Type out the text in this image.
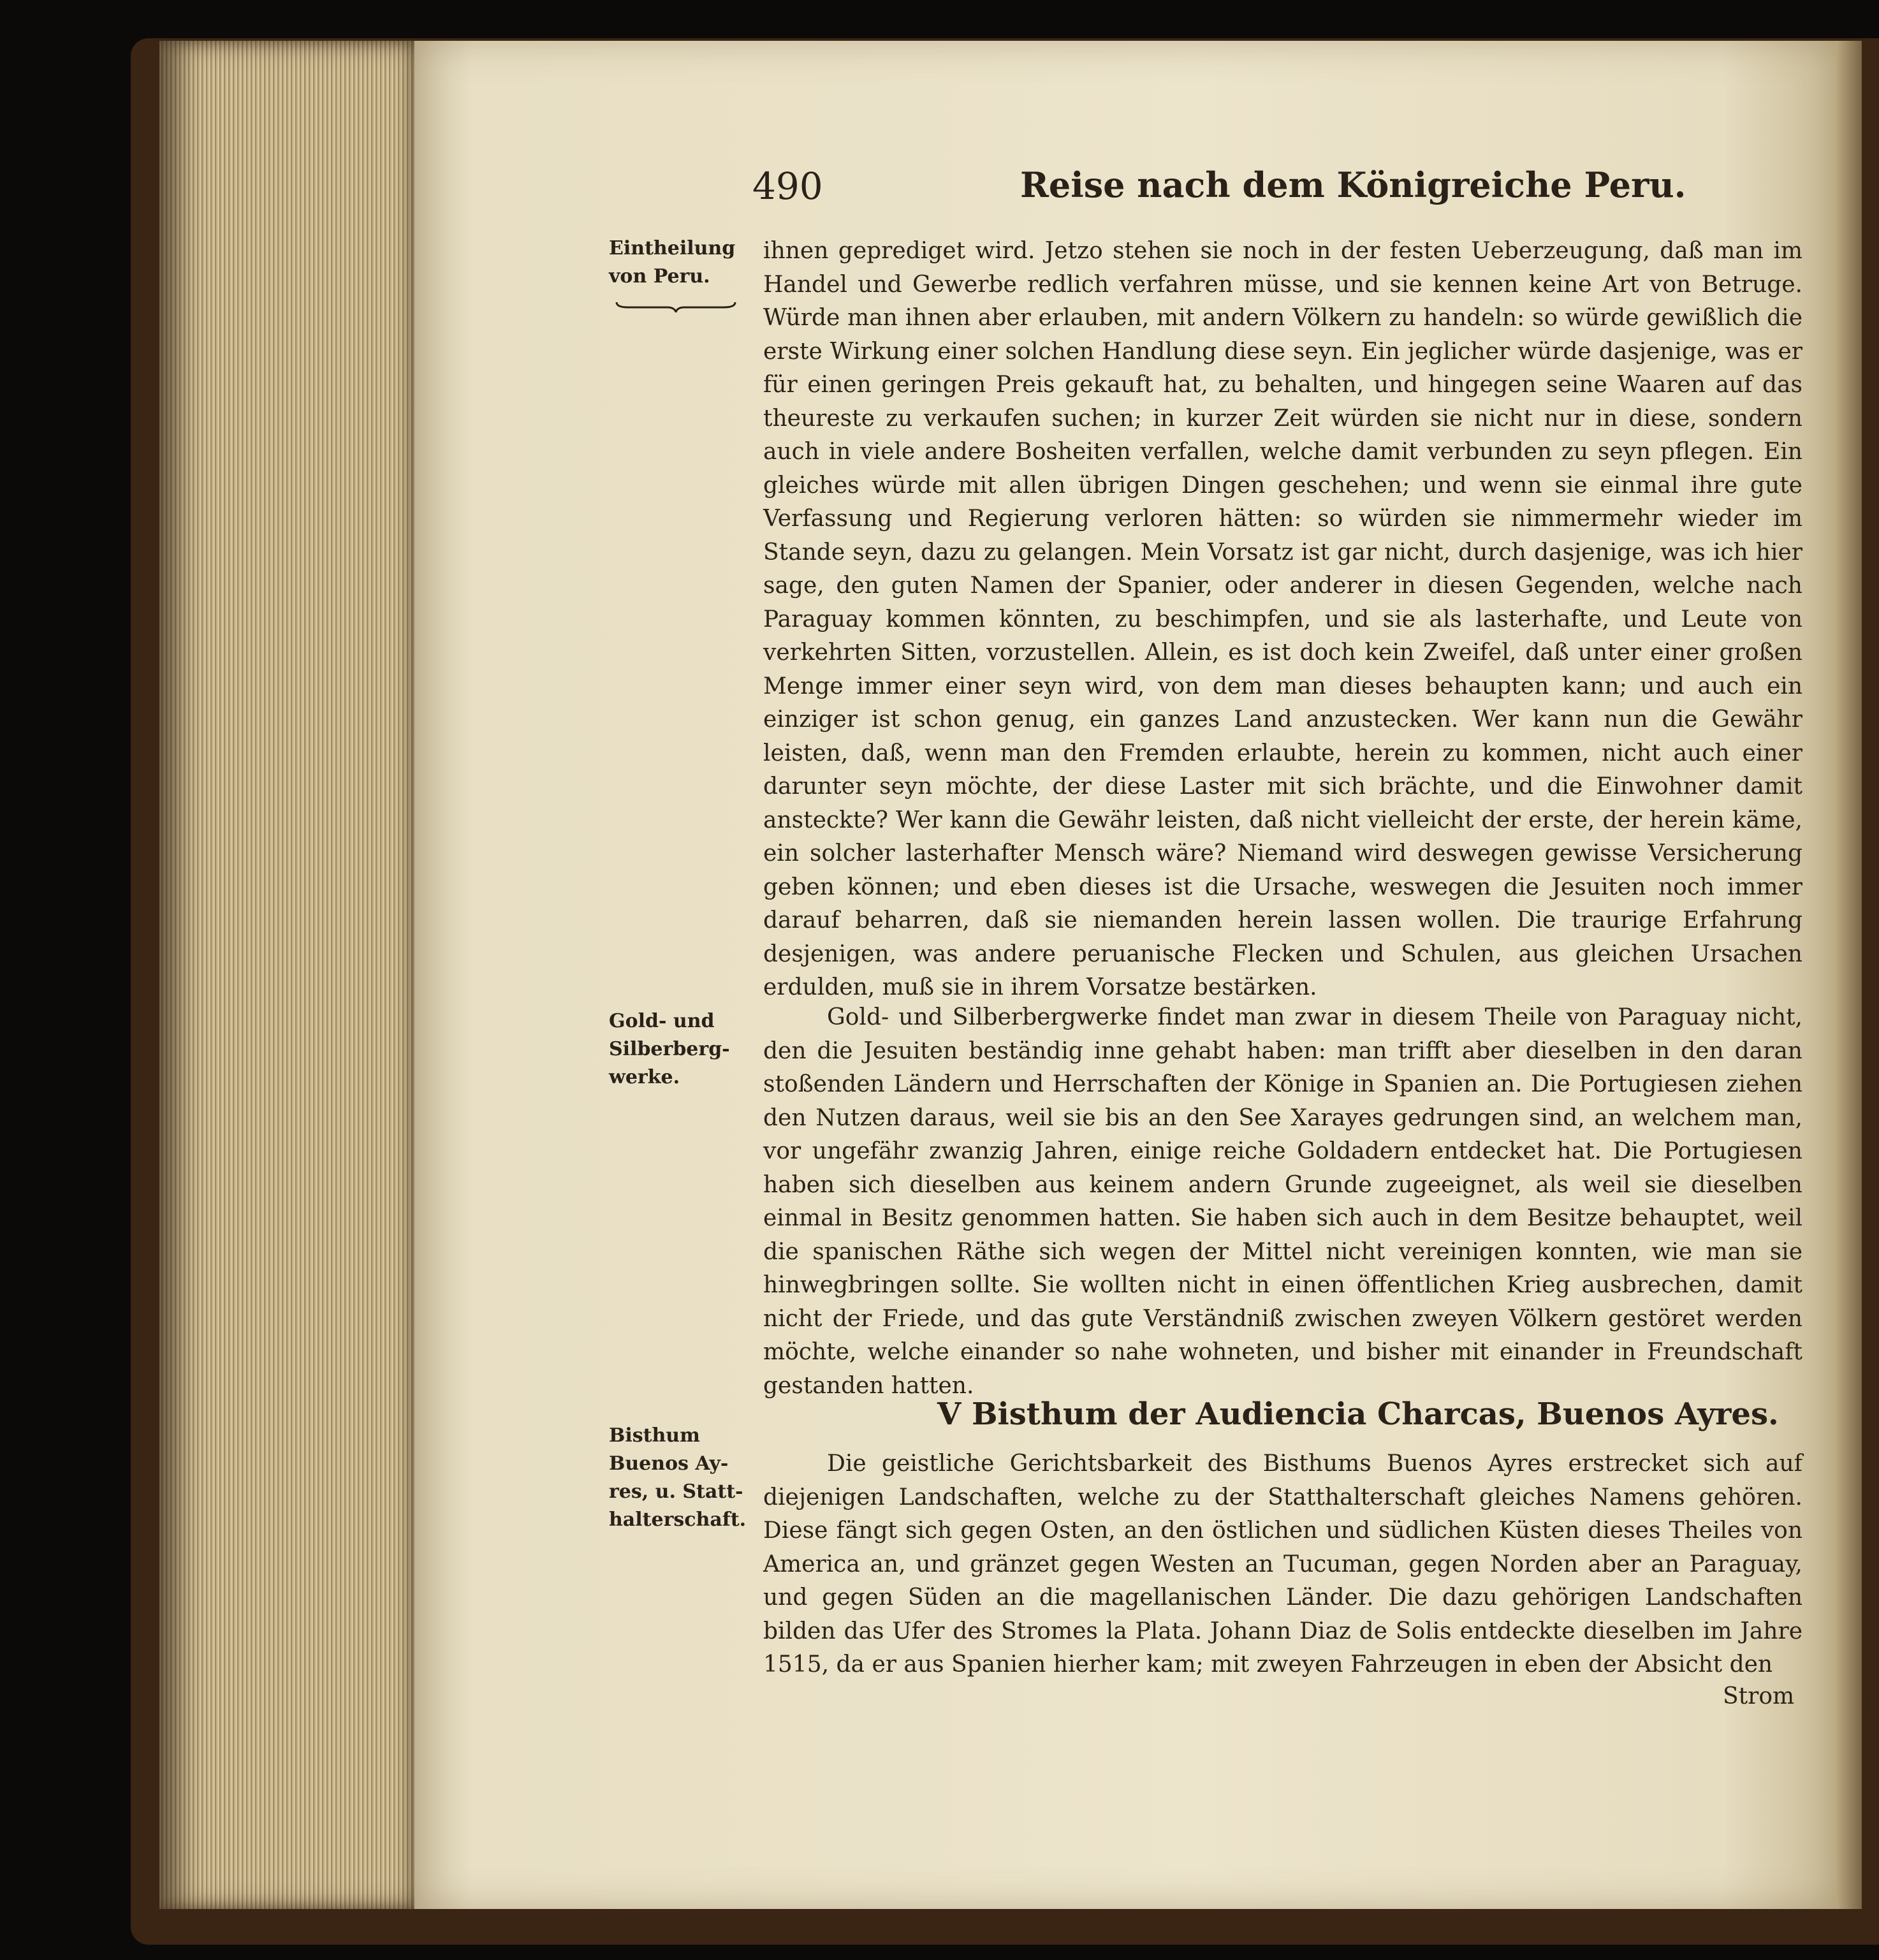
490	Reise nach dem Königreiche Peru.
Eintheilung
von Peru.
Gold- und
Silberberg-
werke.
Bisthum
Buenos Ay-
res, u. Statt-
halterschaft.

ihnen geprediget wird. Jetzo stehen sie noch in der festen Ueberzeugung, daß man im Handel und Gewerbe redlich verfahren müsse, und sie kennen keine Art von Betruge. Würde man ihnen aber erlauben, mit andern Völkern zu handeln: so würde gewißlich die erste Wirkung einer solchen Handlung diese seyn. Ein jeglicher würde dasjenige, was er für einen geringen Preis gekauft hat, zu behalten, und hingegen seine Waaren auf das theureste zu verkaufen suchen; in kurzer Zeit würden sie nicht nur in diese, sondern auch in viele andere Bosheiten verfallen, welche damit verbunden zu seyn pflegen. Ein gleiches würde mit allen übrigen Dingen geschehen; und wenn sie einmal ihre gute Verfassung und Regierung verloren hätten: so würden sie nimmermehr wieder im Stande seyn, dazu zu gelangen. Mein Vorsatz ist gar nicht, durch dasjenige, was ich hier sage, den guten Namen der Spanier, oder anderer in diesen Gegenden, welche nach Paraguay kommen könnten, zu beschimpfen, und sie als lasterhafte, und Leute von verkehrten Sitten, vorzustellen. Allein, es ist doch kein Zweifel, daß unter einer großen Menge immer einer seyn wird, von dem man dieses behaupten kann; und auch ein einziger ist schon genug, ein ganzes Land anzustecken. Wer kann nun die Gewähr leisten, daß, wenn man den Fremden erlaubte, herein zu kommen, nicht auch einer darunter seyn möchte, der diese Laster mit sich brächte, und die Einwohner damit ansteckte? Wer kann die Gewähr leisten, daß nicht vielleicht der erste, der herein käme, ein solcher lasterhafter Mensch wäre? Niemand wird deswegen gewisse Versicherung geben können; und eben dieses ist die Ursache, weswegen die Jesuiten noch immer darauf beharren, daß sie niemanden herein lassen wollen. Die traurige Erfahrung desjenigen, was andere peruanische Flecken und Schulen, aus gleichen Ursachen erdulden, muß sie in ihrem Vorsatze bestärken.

Gold- und Silberbergwerke findet man zwar in diesem Theile von Paraguay nicht, den die Jesuiten beständig inne gehabt haben: man trifft aber dieselben in den daran stoßenden Ländern und Herrschaften der Könige in Spanien an. Die Portugiesen ziehen den Nutzen daraus, weil sie bis an den See Xarayes gedrungen sind, an welchem man, vor ungefähr zwanzig Jahren, einige reiche Goldadern entdecket hat. Die Portugiesen haben sich dieselben aus keinem andern Grunde zugeeignet, als weil sie dieselben einmal in Besitz genommen hatten. Sie haben sich auch in dem Besitze behauptet, weil die spanischen Räthe sich wegen der Mittel nicht vereinigen konnten, wie man sie hinwegbringen sollte. Sie wollten nicht in einen öffentlichen Krieg ausbrechen, damit nicht der Friede, und das gute Verständniß zwischen zweyen Völkern gestöret werden möchte, welche einander so nahe wohneten, und bisher mit einander in Freundschaft gestanden hatten.

V Bisthum der Audiencia Charcas, Buenos Ayres.

Die geistliche Gerichtsbarkeit des Bisthums Buenos Ayres erstrecket sich auf diejenigen Landschaften, welche zu der Statthalterschaft gleiches Namens gehören. Diese fängt sich gegen Osten, an den östlichen und südlichen Küsten dieses Theiles von America an, und gränzet gegen Westen an Tucuman, gegen Norden aber an Paraguay, und gegen Süden an die magellanischen Länder. Die dazu gehörigen Landschaften bilden das Ufer des Stromes la Plata. Johann Diaz de Solis entdeckte dieselben im Jahre 1515, da er aus Spanien hierher kam; mit zweyen Fahrzeugen in eben der Absicht den

Strom
